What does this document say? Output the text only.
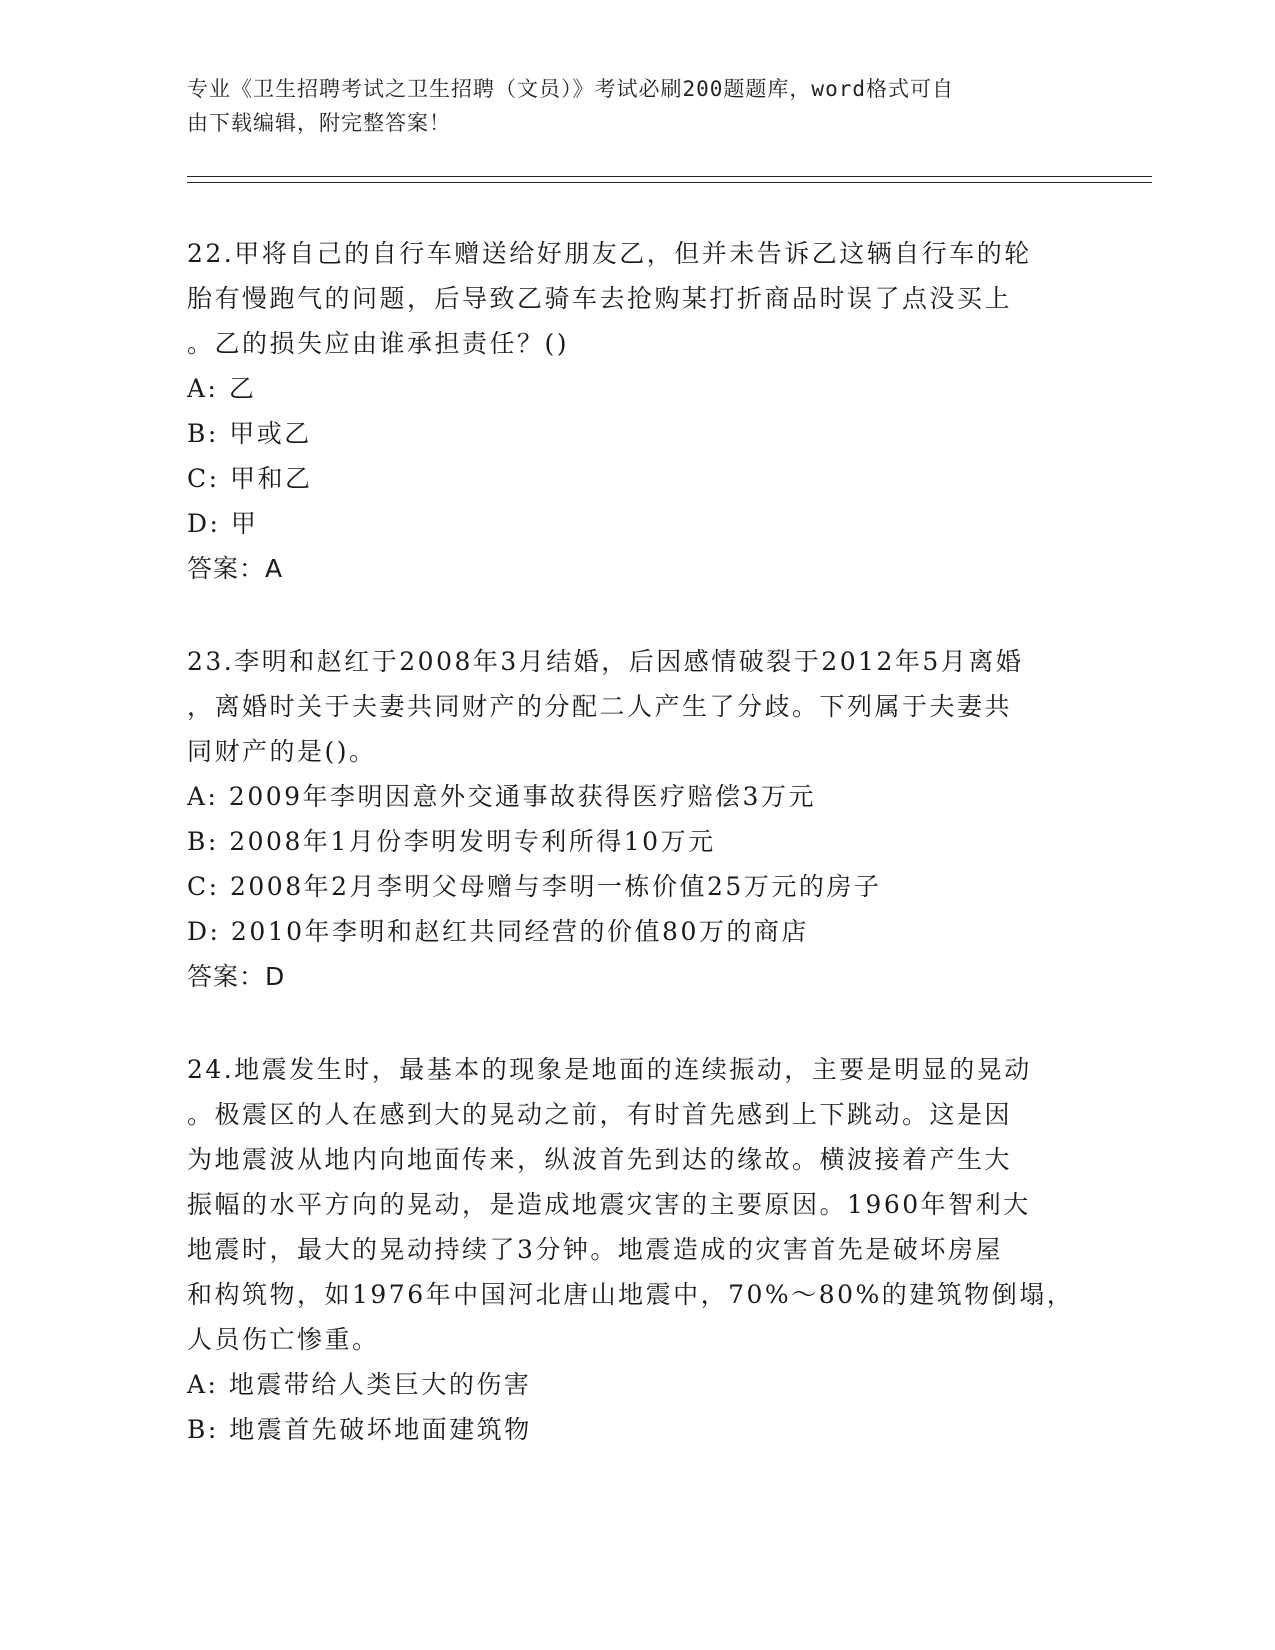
专业《卫生招聘考试之卫生招聘（文员）》考试必刷200题题库，word格式可自
由下载编辑，附完整答案！

22.甲将自己的自行车赠送给好朋友乙，但并未告诉乙这辆自行车的轮

胎有慢跑气的问题，后导致乙骑车去抢购某打折商品时误了点没买上

。乙的损失应由谁承担责任？()

A: 乙

B: 甲或乙

C: 甲和乙

D: 甲

答案：A

23.李明和赵红于2008年3月结婚，后因感情破裂于2012年5月离婚

，离婚时关于夫妻共同财产的分配二人产生了分歧。下列属于夫妻共

同财产的是()。

A: 2009年李明因意外交通事故获得医疗赔偿3万元

B: 2008年1月份李明发明专利所得10万元

C: 2008年2月李明父母赠与李明一栋价值25万元的房子

D: 2010年李明和赵红共同经营的价值80万的商店

答案：D

24.地震发生时，最基本的现象是地面的连续振动，主要是明显的晃动

。极震区的人在感到大的晃动之前，有时首先感到上下跳动。这是因

为地震波从地内向地面传来，纵波首先到达的缘故。横波接着产生大

振幅的水平方向的晃动，是造成地震灾害的主要原因。1960年智利大

地震时，最大的晃动持续了3分钟。地震造成的灾害首先是破坏房屋

和构筑物，如1976年中国河北唐山地震中，70%～80%的建筑物倒塌，

人员伤亡惨重。

A: 地震带给人类巨大的伤害

B: 地震首先破坏地面建筑物
